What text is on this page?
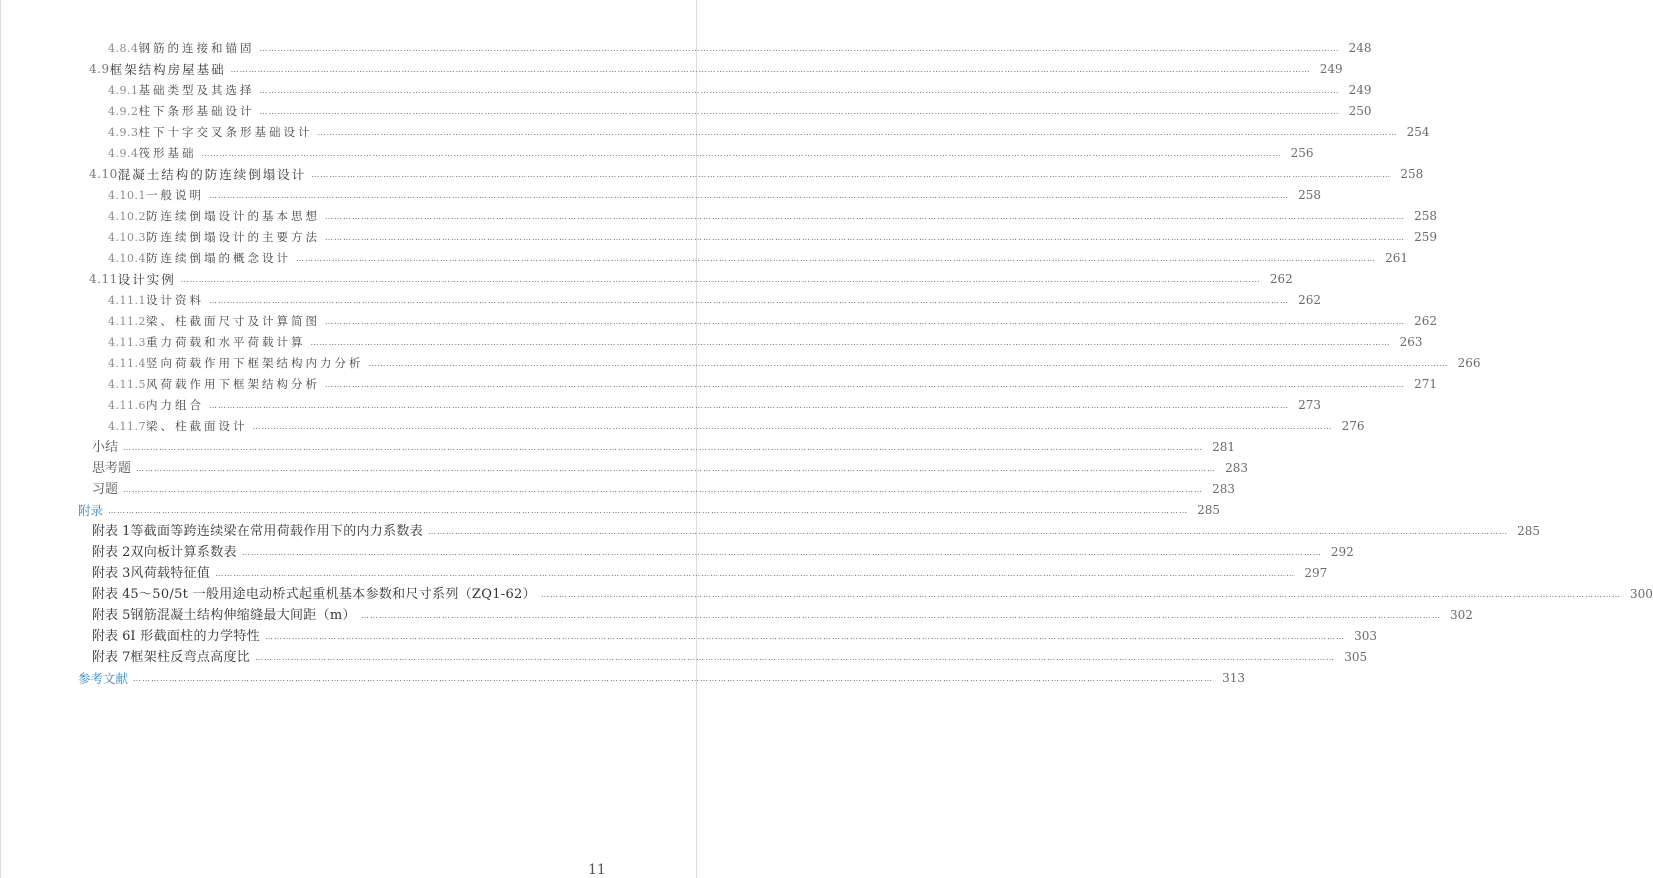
4.8.4 钢筋的连接和锚固 ……………………………………………………………………………………………………………………………………………………………………………………………………………………………………………………………………………………………………………………………… 248
4.9 框架结构房屋基础 ……………………………………………………………………………………………………………………………………………………………………………………………………………………………………………………………………………………………………………………………… 249
4.9.1 基础类型及其选择 ……………………………………………………………………………………………………………………………………………………………………………………………………………………………………………………………………………………………………………………………… 249
4.9.2 柱下条形基础设计 ……………………………………………………………………………………………………………………………………………………………………………………………………………………………………………………………………………………………………………………………… 250
4.9.3 柱下十字交叉条形基础设计 ……………………………………………………………………………………………………………………………………………………………………………………………………………………………………………………………………………………………………………………………… 254
4.9.4 筏形基础 ……………………………………………………………………………………………………………………………………………………………………………………………………………………………………………………………………………………………………………………………… 256
4.10 混凝土结构的防连续倒塌设计 ……………………………………………………………………………………………………………………………………………………………………………………………………………………………………………………………………………………………………………………………… 258
4.10.1 一般说明 ……………………………………………………………………………………………………………………………………………………………………………………………………………………………………………………………………………………………………………………………… 258
4.10.2 防连续倒塌设计的基本思想 ……………………………………………………………………………………………………………………………………………………………………………………………………………………………………………………………………………………………………………………………… 258
4.10.3 防连续倒塌设计的主要方法 ……………………………………………………………………………………………………………………………………………………………………………………………………………………………………………………………………………………………………………………………… 259
4.10.4 防连续倒塌的概念设计 ……………………………………………………………………………………………………………………………………………………………………………………………………………………………………………………………………………………………………………………………… 261
4.11 设计实例 ……………………………………………………………………………………………………………………………………………………………………………………………………………………………………………………………………………………………………………………………… 262
4.11.1 设计资料 ……………………………………………………………………………………………………………………………………………………………………………………………………………………………………………………………………………………………………………………………… 262
4.11.2 梁、柱截面尺寸及计算简图 ……………………………………………………………………………………………………………………………………………………………………………………………………………………………………………………………………………………………………………………………… 262
4.11.3 重力荷载和水平荷载计算 ……………………………………………………………………………………………………………………………………………………………………………………………………………………………………………………………………………………………………………………………… 263
4.11.4 竖向荷载作用下框架结构内力分析 ……………………………………………………………………………………………………………………………………………………………………………………………………………………………………………………………………………………………………………………………… 266
4.11.5 风荷载作用下框架结构分析 ……………………………………………………………………………………………………………………………………………………………………………………………………………………………………………………………………………………………………………………………… 271
4.11.6 内力组合 ……………………………………………………………………………………………………………………………………………………………………………………………………………………………………………………………………………………………………………………………… 273
4.11.7 梁、柱截面设计 ……………………………………………………………………………………………………………………………………………………………………………………………………………………………………………………………………………………………………………………………… 276
小结 ……………………………………………………………………………………………………………………………………………………………………………………………………………………………………………………………………………………………………………………………… 281
思考题 ……………………………………………………………………………………………………………………………………………………………………………………………………………………………………………………………………………………………………………………………… 283
习题 ……………………………………………………………………………………………………………………………………………………………………………………………………………………………………………………………………………………………………………………………… 283
附录 ……………………………………………………………………………………………………………………………………………………………………………………………………………………………………………………………………………………………………………………………… 285
附表 1 等截面等跨连续梁在常用荷载作用下的内力系数表 ……………………………………………………………………………………………………………………………………………………………………………………………………………………………………………………………………………………………………………………………… 285
附表 2 双向板计算系数表 ……………………………………………………………………………………………………………………………………………………………………………………………………………………………………………………………………………………………………………………………… 292
附表 3 风荷载特征值 ……………………………………………………………………………………………………………………………………………………………………………………………………………………………………………………………………………………………………………………………… 297
附表 4 5～50/5t 一般用途电动桥式起重机基本参数和尺寸系列（ZQ1-62） ……………………………………………………………………………………………………………………………………………………………………………………………………………………………………………………………………………………………………………………………… 300
附表 5 钢筋混凝土结构伸缩缝最大间距（m） ……………………………………………………………………………………………………………………………………………………………………………………………………………………………………………………………………………………………………………………………… 302
附表 6 I 形截面柱的力学特性 ……………………………………………………………………………………………………………………………………………………………………………………………………………………………………………………………………………………………………………………………… 303
附表 7 框架柱反弯点高度比 ……………………………………………………………………………………………………………………………………………………………………………………………………………………………………………………………………………………………………………………………… 305
参考文献 ……………………………………………………………………………………………………………………………………………………………………………………………………………………………………………………………………………………………………………………………… 313
11
